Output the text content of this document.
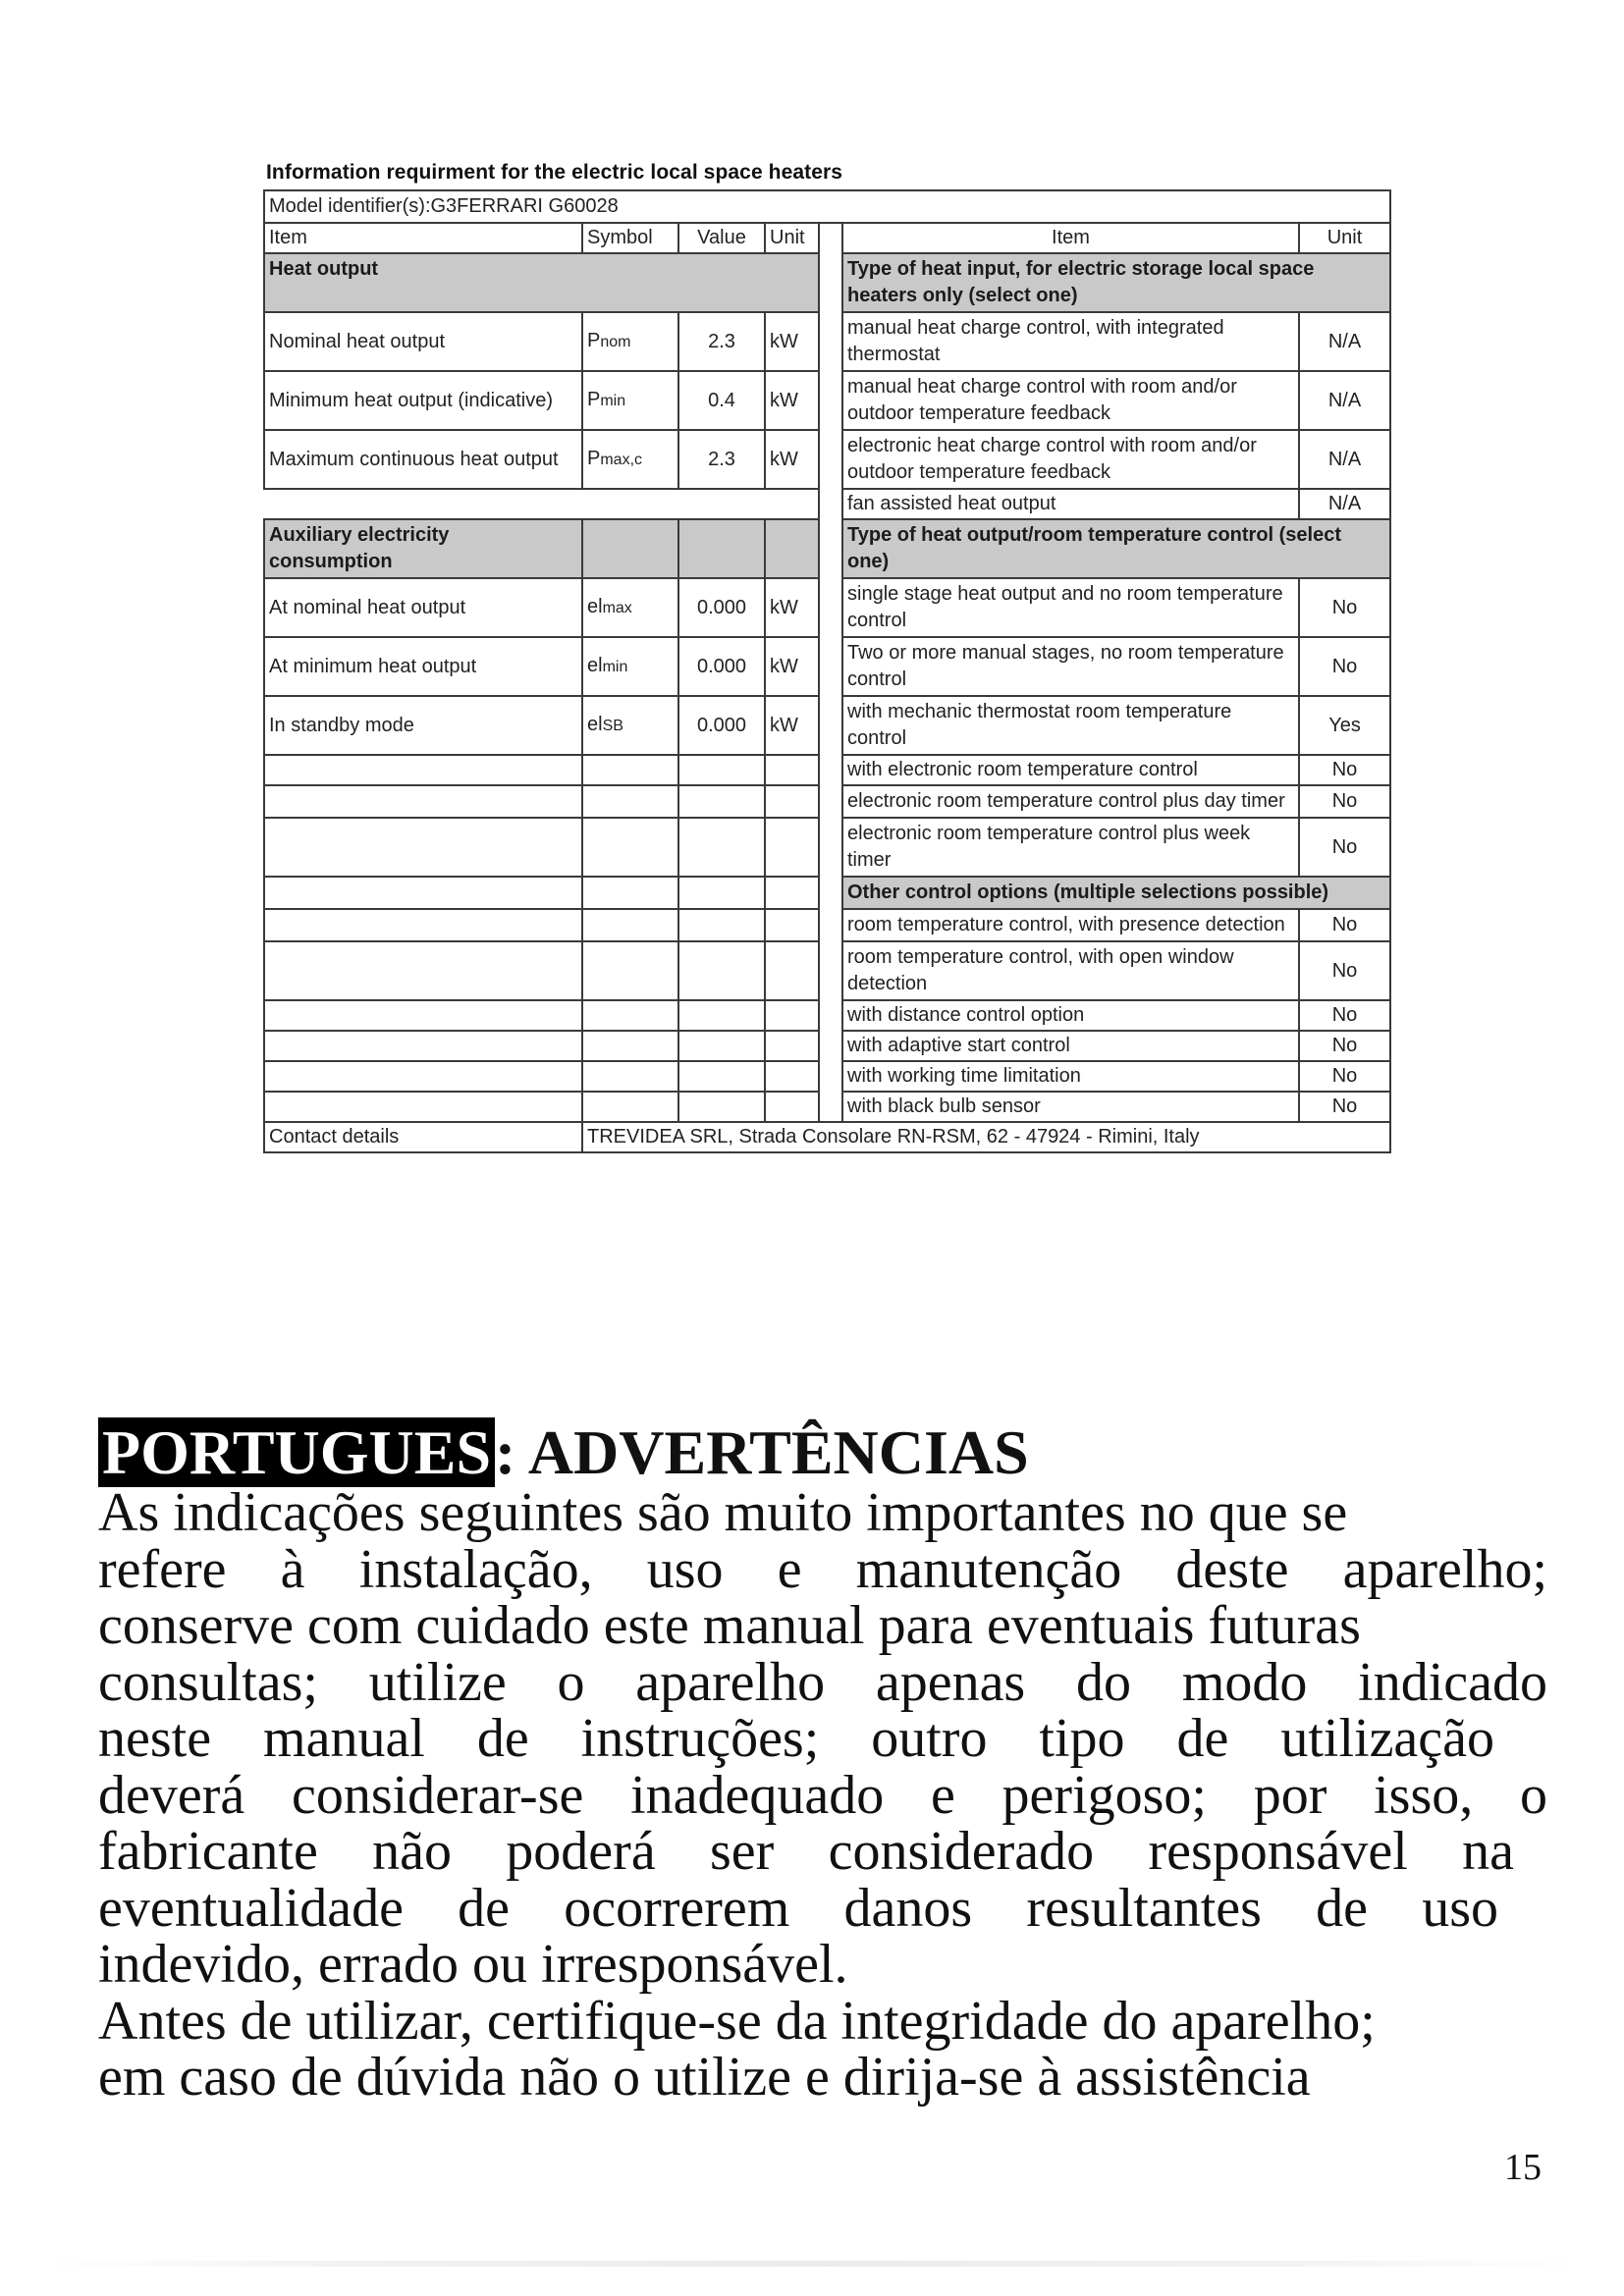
Information requirment for the electric local space heaters
Model identifier(s):G3FERRARI G60028						
Item	Symbol	Value	Unit		Item	Unit
Heat output					Type of heat input, for electric storage local space heaters only (select one)	
Nominal heat output	Pnom	2.3	kW		manual heat charge control, with integrated thermostat	N/A
Minimum heat output (indicative)	Pmin	0.4	kW		manual heat charge control with room and/or outdoor temperature feedback	N/A
Maximum continuous heat output	Pmax,c	2.3	kW		electronic heat charge control with room and/or outdoor temperature feedback	N/A
					fan assisted heat output	N/A
Auxiliary electricity consumption					Type of heat output/room temperature control (select one)	
At nominal heat output	elmax	0.000	kW		single stage heat output and no room temperature control	No
At minimum heat output	elmin	0.000	kW		Two or more manual stages, no room temperature control	No
In standby mode	elSB	0.000	kW		with mechanic thermostat room temperature control	Yes
					with electronic room temperature control	No
					electronic room temperature control plus day timer	No
					electronic room temperature control plus week timer	No
					Other control options (multiple selections possible)	
					room temperature control, with presence detection	No
					room temperature control, with open window detection	No
					with distance control option	No
					with adaptive start control	No
					with working time limitation	No
					with black bulb sensor	No
Contact details	TREVIDEA SRL, Strada Consolare RN-RSM, 62 - 47924 - Rimini, Italy					
PORTUGUES: ADVERTÊNCIAS
As indicações seguintes são muito importantes no que se
refere à instalação, uso e manutenção deste aparelho;
conserve com cuidado este manual para eventuais futuras
consultas; utilize o aparelho apenas do modo indicado
neste manual de instruções; outro tipo de utilização
deverá considerar-se inadequado e perigoso; por isso, o
fabricante não poderá ser considerado responsável na
eventualidade de ocorrerem danos resultantes de uso
indevido, errado ou irresponsável.
Antes de utilizar, certifique-se da integridade do aparelho;
em caso de dúvida não o utilize e dirija-se à assistência
15
